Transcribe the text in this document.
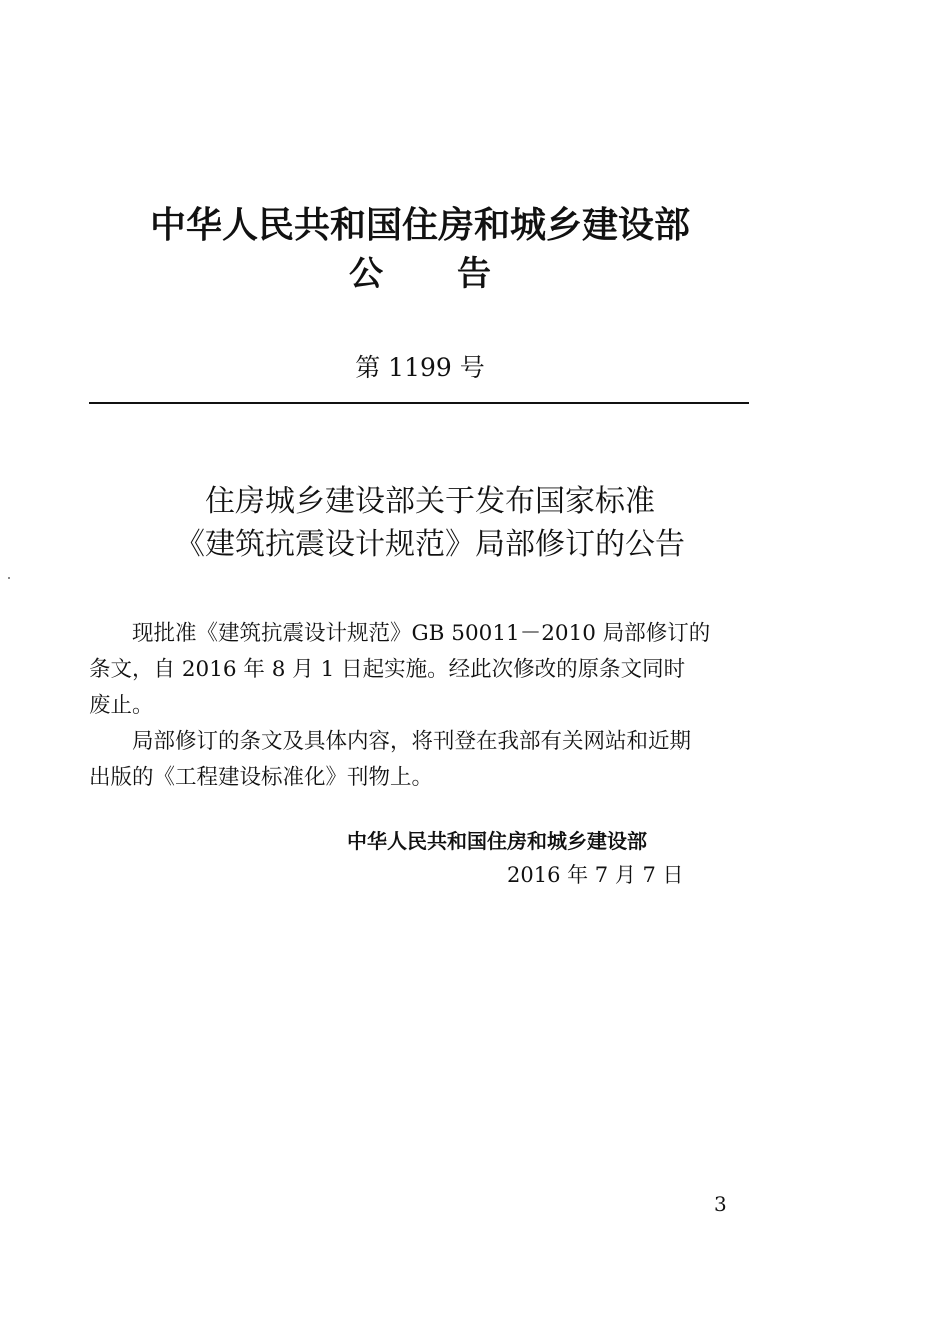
中华人民共和国住房和城乡建设部
公 告
第 1199 号
住房城乡建设部关于发布国家标准
《建筑抗震设计规范》局部修订的公告

现批准《建筑抗震设计规范》GB 50011－2010 局部修订的

条文，自 2016 年 8 月 1 日起实施。经此次修改的原条文同时
废止。

局部修订的条文及具体内容，将刊登在我部有关网站和近期

出版的《工程建设标准化》刊物上。

中华人民共和国住房和城乡建设部
2016 年 7 月 7 日
3
